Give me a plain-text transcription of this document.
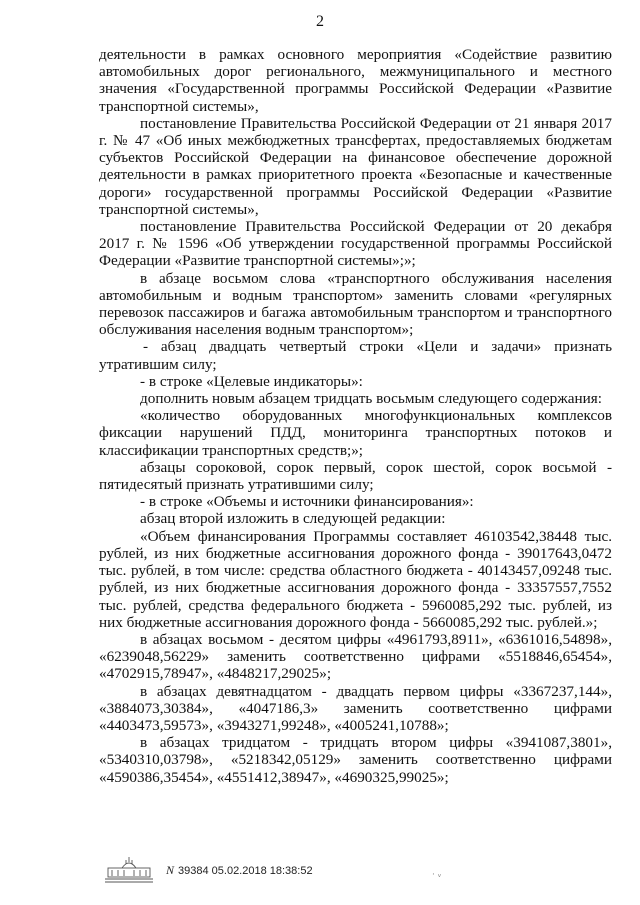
2

деятельности в рамках основного мероприятия «Содействие развитию автомобильных дорог регионального, межмуниципального и местного значения «Государственной программы Российской Федерации «Развитие транспортной системы»,

постановление Правительства Российской Федерации от 21 января 2017 г. № 47 «Об иных межбюджетных трансфертах, предоставляемых бюджетам субъектов Российской Федерации на финансовое обеспечение дорожной деятельности в рамках приоритетного проекта «Безопасные и качественные дороги» государственной программы Российской Федерации «Развитие транспортной системы»,

постановление Правительства Российской Федерации от 20 декабря 2017 г. № 1596 «Об утверждении государственной программы Российской Федерации «Развитие транспортной системы»;»;

в абзаце восьмом слова «транспортного обслуживания населения автомобильным и водным транспортом» заменить словами «регулярных перевозок пассажиров и багажа автомобильным транспортом и транспортного обслуживания населения водным транспортом»;

- абзац двадцать четвертый строки «Цели и задачи» признать утратившим силу;

- в строке «Целевые индикаторы»:

дополнить новым абзацем тридцать восьмым следующего содержания:

«количество оборудованных многофункциональных комплексов фиксации нарушений ПДД, мониторинга транспортных потоков и классификации транспортных средств;»;

абзацы сороковой, сорок первый, сорок шестой, сорок восьмой - пятидесятый признать утратившими силу;

- в строке «Объемы и источники финансирования»:

абзац второй изложить в следующей редакции:

«Объем финансирования Программы составляет 46103542,38448 тыс. рублей, из них бюджетные ассигнования дорожного фонда - 39017643,0472 тыс. рублей, в том числе: средства областного бюджета - 40143457,09248 тыс. рублей, из них бюджетные ассигнования дорожного фонда - 33357557,7552 тыс. рублей, средства федерального бюджета - 5960085,292 тыс. рублей, из них бюджетные ассигнования дорожного фонда - 5660085,292 тыс. рублей.»;

в абзацах восьмом - десятом цифры «4961793,8911», «6361016,54898», «6239048,56229» заменить соответственно цифрами «5518846,65454», «4702915,78947», «4848217,29025»;

в абзацах девятнадцатом - двадцать первом цифры «3367237,144», «3884073,30384», «4047186,3» заменить соответственно цифрами «4403473,59573», «3943271,99248», «4005241,10788»;

в абзацах тридцатом - тридцать втором цифры «3941087,3801», «5340310,03798», «5218342,05129» заменить соответственно цифрами «4590386,35454», «4551412,38947», «4690325,99025»;

N 39384 05.02.2018 18:38:52	· ᵥ
